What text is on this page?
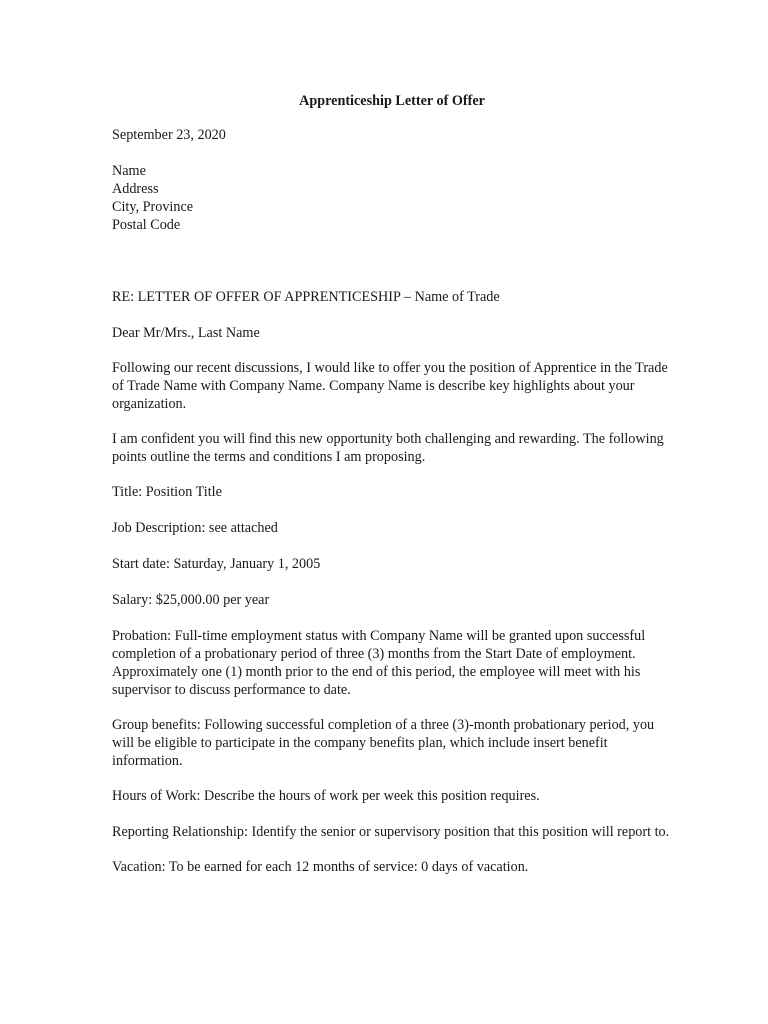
Apprenticeship Letter of Offer
September 23, 2020
Name
Address
City, Province
Postal Code
RE: LETTER OF OFFER OF APPRENTICESHIP – Name of Trade
Dear Mr/Mrs., Last Name

Following our recent discussions, I would like to offer you the position of Apprentice in the Trade of Trade Name with Company Name. Company Name is describe key highlights about your organization.

I am confident you will find this new opportunity both challenging and rewarding. The following points outline the terms and conditions I am proposing.

Title: Position Title
Job Description: see attached
Start date: Saturday, January 1, 2005
Salary: $25,000.00 per year

Probation: Full-time employment status with Company Name will be granted upon successful completion of a probationary period of three (3) months from the Start Date of employment. Approximately one (1) month prior to the end of this period, the employee will meet with his supervisor to discuss performance to date.

Group benefits: Following successful completion of a three (3)-month probationary period, you will be eligible to participate in the company benefits plan, which include insert benefit information.

Hours of Work: Describe the hours of work per week this position requires.

Reporting Relationship: Identify the senior or supervisory position that this position will report to.

Vacation: To be earned for each 12 months of service: 0 days of vacation.
